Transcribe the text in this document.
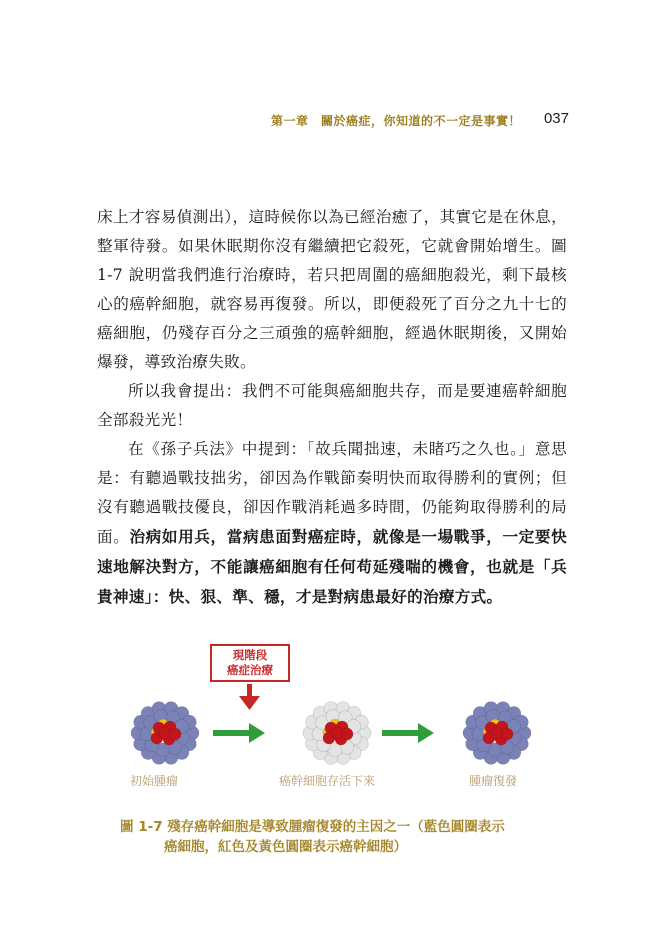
第一章　關於癌症，你知道的不一定是事實！ 037

床上才容易偵測出），這時候你以為已經治癒了，其實它是在休息，整軍待發。如果休眠期你沒有繼續把它殺死，它就會開始增生。圖 1-7 說明當我們進行治療時，若只把周圍的癌細胞殺光，剩下最核心的癌幹細胞，就容易再復發。所以，即便殺死了百分之九十七的癌細胞，仍殘存百分之三頑強的癌幹細胞，經過休眠期後，又開始爆發，導致治療失敗。

所以我會提出：我們不可能與癌細胞共存，而是要連癌幹細胞全部殺光光！

在《孫子兵法》中提到：「故兵聞拙速，未睹巧之久也。」意思是：有聽過戰技拙劣，卻因為作戰節奏明快而取得勝利的實例；但沒有聽過戰技優良，卻因作戰消耗過多時間，仍能夠取得勝利的局面。治病如用兵，當病患面對癌症時，就像是一場戰爭，一定要快速地解決對方，不能讓癌細胞有任何苟延殘喘的機會，也就是「兵貴神速」：快、狠、準、穩，才是對病患最好的治療方式。

現階段
癌症治療
初始腫瘤	癌幹細胞存活下來	腫瘤復發
圖 1-7 殘存癌幹細胞是導致腫瘤復發的主因之一（藍色圓圈表示
癌細胞，紅色及黃色圓圈表示癌幹細胞）
